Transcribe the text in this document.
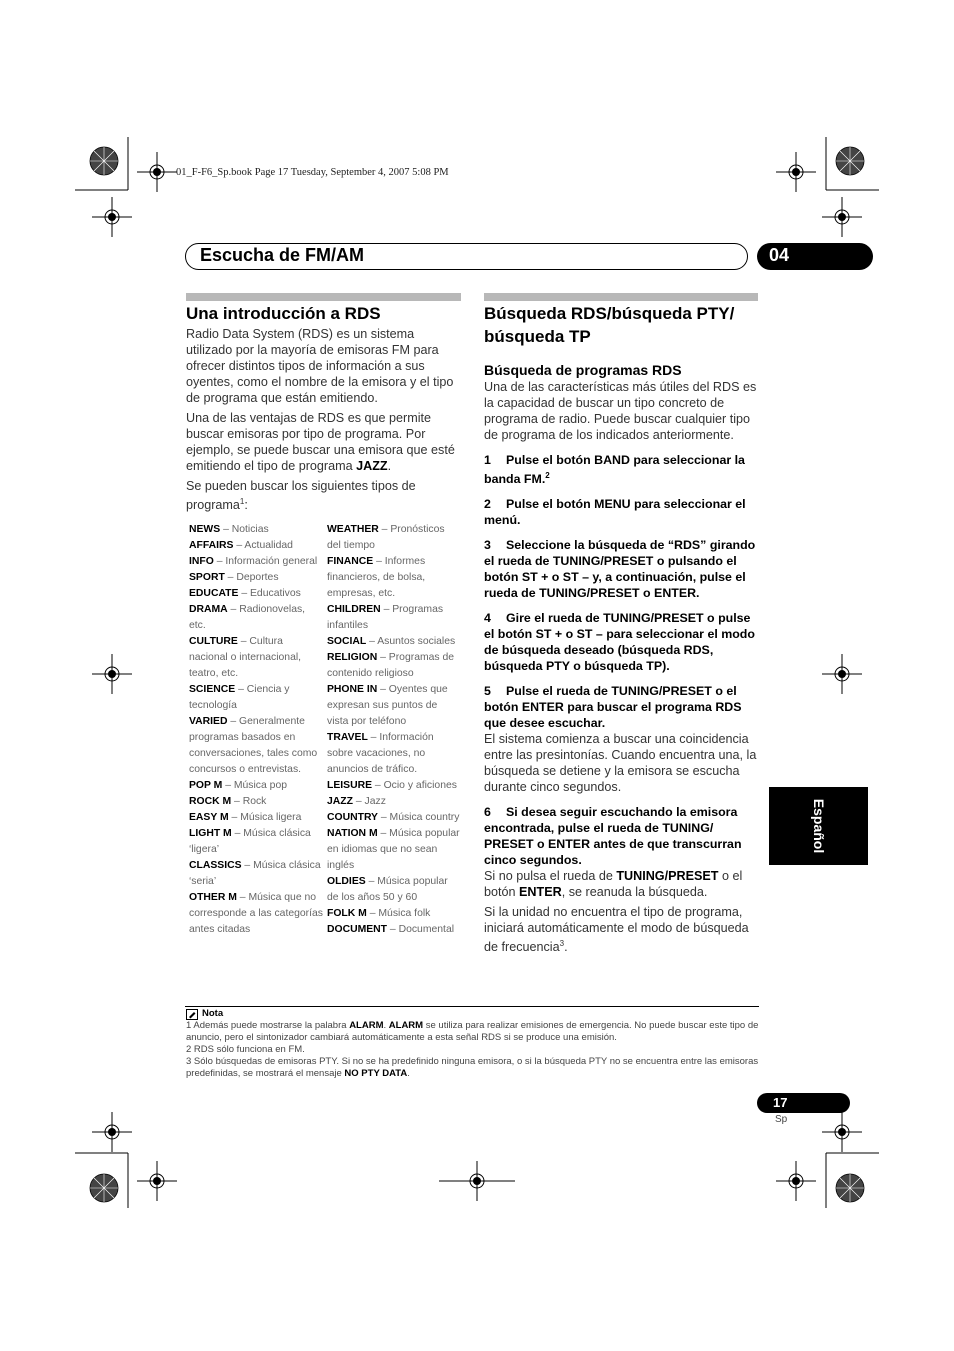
01_F-F6_Sp.book Page 17 Tuesday, September 4, 2007 5:08 PM
Escucha de FM/AM	04
Una introducción a RDS
Radio Data System (RDS) es un sistema utilizado por la mayoría de emisoras FM para ofrecer distintos tipos de información a sus oyentes, como el nombre de la emisora y el tipo de programa que están emitiendo.
Una de las ventajas de RDS es que permite buscar emisoras por tipo de programa. Por ejemplo, se puede buscar una emisora que esté emitiendo el tipo de programa JAZZ.
Se pueden buscar los siguientes tipos de programa$^1$:
NEWS – Noticias
AFFAIRS – Actualidad
INFO – Información general
SPORT – Deportes
EDUCATE – Educativos
DRAMA – Radionovelas, etc.
CULTURE – Cultura nacional o internacional, teatro, etc.
SCIENCE – Ciencia y tecnología
VARIED – Generalmente programas basados en conversaciones, tales como concursos o entrevistas.
POP M – Música pop
ROCK M – Rock
EASY M – Música ligera
LIGHT M – Música clásica ‘ligera’
CLASSICS – Música clásica ‘seria’
OTHER M – Música que no corresponde a las categorías antes citadas
WEATHER – Pronósticos del tiempo
FINANCE – Informes financieros, de bolsa, empresas, etc.
CHILDREN – Programas infantiles
SOCIAL – Asuntos sociales
RELIGION – Programas de contenido religioso
PHONE IN – Oyentes que expresan sus puntos de vista por teléfono
TRAVEL – Información sobre vacaciones, no anuncios de tráfico.
LEISURE – Ocio y aficiones
JAZZ – Jazz
COUNTRY – Música country
NATION M – Música popular en idiomas que no sean inglés
OLDIES – Música popular de los años 50 y 60
FOLK M – Música folk
DOCUMENT – Documental
Búsqueda RDS/búsqueda PTY/ búsqueda TP
Búsqueda de programas RDS
Una de las características más útiles del RDS es la capacidad de buscar un tipo concreto de programa de radio. Puede buscar cualquier tipo de programa de los indicados anteriormente.
1 Pulse el botón BAND para seleccionar la banda FM.$^2$
2 Pulse el botón MENU para seleccionar el menú.
3 Seleccione la búsqueda de “RDS” girando el rueda de TUNING/PRESET o pulsando el botón ST + o ST – y, a continuación, pulse el rueda de TUNING/PRESET o ENTER.
4 Gire el rueda de TUNING/PRESET o pulse el botón ST + o ST – para seleccionar el modo de búsqueda deseado (búsqueda RDS, búsqueda PTY o búsqueda TP).
5 Pulse el rueda de TUNING/PRESET o el botón ENTER para buscar el programa RDS que desee escuchar.
El sistema comienza a buscar una coincidencia entre las presintonías. Cuando encuentra una, la búsqueda se detiene y la emisora se escucha durante cinco segundos.
6 Si desea seguir escuchando la emisora encontrada, pulse el rueda de TUNING/ PRESET o ENTER antes de que transcurran cinco segundos.
Si no pulsa el rueda de TUNING/PRESET o el botón ENTER, se reanuda la búsqueda.
Si la unidad no encuentra el tipo de programa, iniciará automáticamente el modo de búsqueda de frecuencia$^3$.
Nota
1 Además puede mostrarse la palabra ALARM. ALARM se utiliza para realizar emisiones de emergencia. No puede buscar este tipo de anuncio, pero el sintonizador cambiará automáticamente a esta señal RDS si se produce una emisión.
2 RDS sólo funciona en FM.
3 Sólo búsquedas de emisoras PTY. Si no se ha predefinido ninguna emisora, o si la búsqueda PTY no se encuentra entre las emisoras predefinidas, se mostrará el mensaje NO PTY DATA.
Español
17
Sp
